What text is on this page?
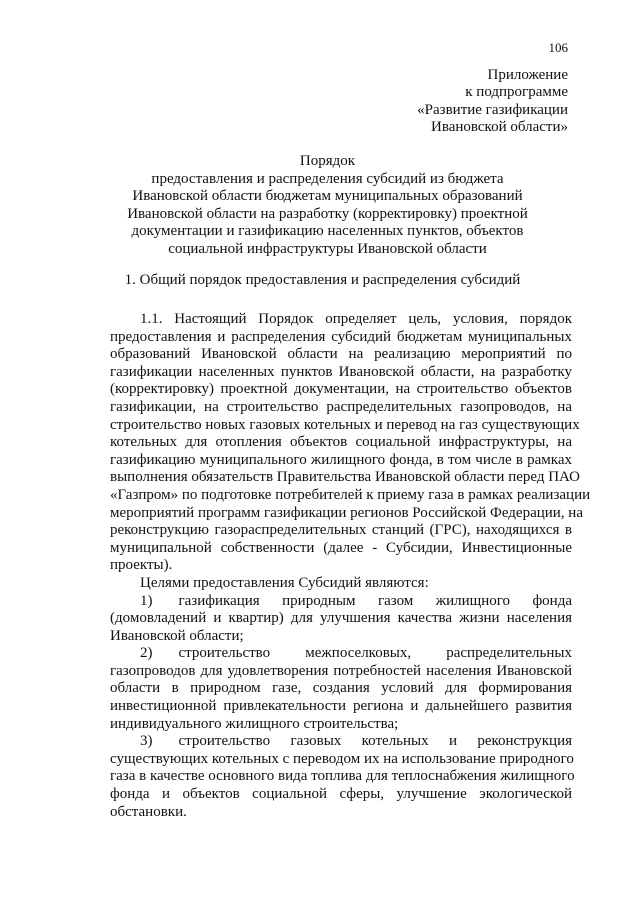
106
Приложение
к подпрограмме
«Развитие газификации
Ивановской области»
Порядок
предоставления и распределения субсидий из бюджета
Ивановской области бюджетам муниципальных образований
Ивановской области на разработку (корректировку) проектной
документации и газификацию населенных пунктов, объектов
социальной инфраструктуры Ивановской области
1. Общий порядок предоставления и распределения субсидий
1.1. Настоящий Порядок определяет цель, условия, порядок
предоставления и распределения субсидий бюджетам муниципальных
образований Ивановской области на реализацию мероприятий по
газификации населенных пунктов Ивановской области, на разработку
(корректировку) проектной документации, на строительство объектов
газификации, на строительство распределительных газопроводов, на
строительство новых газовых котельных и перевод на газ существующих
котельных для отопления объектов социальной инфраструктуры, на
газификацию муниципального жилищного фонда, в том числе в рамках
выполнения обязательств Правительства Ивановской области перед ПАО
«Газпром» по подготовке потребителей к приему газа в рамках реализации
мероприятий программ газификации регионов Российской Федерации, на
реконструкцию газораспределительных станций (ГРС), находящихся в
муниципальной собственности (далее - Субсидии, Инвестиционные
проекты).
Целями предоставления Субсидий являются:
1) газификация природным газом жилищного фонда
(домовладений и квартир) для улучшения качества жизни населения
Ивановской области;
2) строительство межпоселковых, распределительных
газопроводов для удовлетворения потребностей населения Ивановской
области в природном газе, создания условий для формирования
инвестиционной привлекательности региона и дальнейшего развития
индивидуального жилищного строительства;
3) строительство газовых котельных и реконструкция
существующих котельных с переводом их на использование природного
газа в качестве основного вида топлива для теплоснабжения жилищного
фонда и объектов социальной сферы, улучшение экологической
обстановки.
